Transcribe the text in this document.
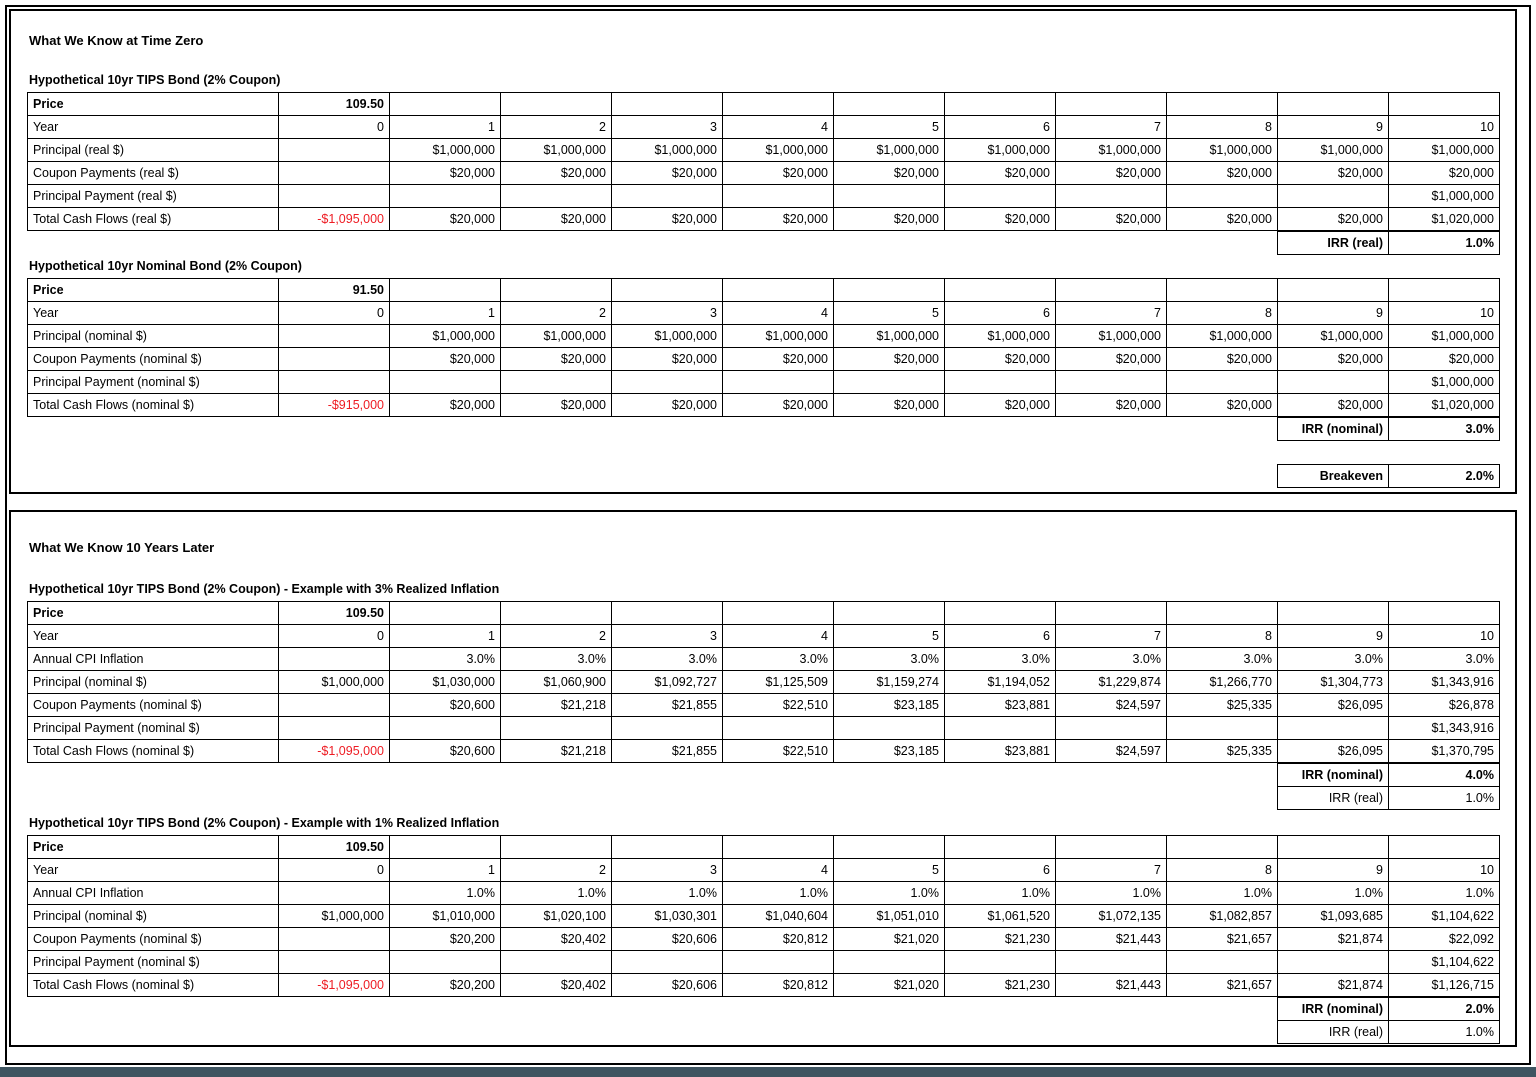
What We Know at Time Zero
Hypothetical 10yr TIPS Bond (2% Coupon)
Price	109.50										
Year	0	1	2	3	4	5	6	7	8	9	10
Principal (real $)		$1,000,000	$1,000,000	$1,000,000	$1,000,000	$1,000,000	$1,000,000	$1,000,000	$1,000,000	$1,000,000	$1,000,000
Coupon Payments (real $)		$20,000	$20,000	$20,000	$20,000	$20,000	$20,000	$20,000	$20,000	$20,000	$20,000
Principal Payment (real $)											$1,000,000
Total Cash Flows (real $)	-$1,095,000	$20,000	$20,000	$20,000	$20,000	$20,000	$20,000	$20,000	$20,000	$20,000	$1,020,000
IRR (real)	1.0%
Hypothetical 10yr Nominal Bond (2% Coupon)
Price	91.50										
Year	0	1	2	3	4	5	6	7	8	9	10
Principal (nominal $)		$1,000,000	$1,000,000	$1,000,000	$1,000,000	$1,000,000	$1,000,000	$1,000,000	$1,000,000	$1,000,000	$1,000,000
Coupon Payments (nominal $)		$20,000	$20,000	$20,000	$20,000	$20,000	$20,000	$20,000	$20,000	$20,000	$20,000
Principal Payment (nominal $)											$1,000,000
Total Cash Flows (nominal $)	-$915,000	$20,000	$20,000	$20,000	$20,000	$20,000	$20,000	$20,000	$20,000	$20,000	$1,020,000
IRR (nominal)	3.0%
Breakeven	2.0%
What We Know 10 Years Later
Hypothetical 10yr TIPS Bond (2% Coupon) - Example with 3% Realized Inflation
Price	109.50										
Year	0	1	2	3	4	5	6	7	8	9	10
Annual CPI Inflation		3.0%	3.0%	3.0%	3.0%	3.0%	3.0%	3.0%	3.0%	3.0%	3.0%
Principal (nominal $)	$1,000,000	$1,030,000	$1,060,900	$1,092,727	$1,125,509	$1,159,274	$1,194,052	$1,229,874	$1,266,770	$1,304,773	$1,343,916
Coupon Payments (nominal $)		$20,600	$21,218	$21,855	$22,510	$23,185	$23,881	$24,597	$25,335	$26,095	$26,878
Principal Payment (nominal $)											$1,343,916
Total Cash Flows (nominal $)	-$1,095,000	$20,600	$21,218	$21,855	$22,510	$23,185	$23,881	$24,597	$25,335	$26,095	$1,370,795
IRR (nominal)	4.0%
IRR (real)	1.0%
Hypothetical 10yr TIPS Bond (2% Coupon) - Example with 1% Realized Inflation
Price	109.50										
Year	0	1	2	3	4	5	6	7	8	9	10
Annual CPI Inflation		1.0%	1.0%	1.0%	1.0%	1.0%	1.0%	1.0%	1.0%	1.0%	1.0%
Principal (nominal $)	$1,000,000	$1,010,000	$1,020,100	$1,030,301	$1,040,604	$1,051,010	$1,061,520	$1,072,135	$1,082,857	$1,093,685	$1,104,622
Coupon Payments (nominal $)		$20,200	$20,402	$20,606	$20,812	$21,020	$21,230	$21,443	$21,657	$21,874	$22,092
Principal Payment (nominal $)											$1,104,622
Total Cash Flows (nominal $)	-$1,095,000	$20,200	$20,402	$20,606	$20,812	$21,020	$21,230	$21,443	$21,657	$21,874	$1,126,715
IRR (nominal)	2.0%
IRR (real)	1.0%
